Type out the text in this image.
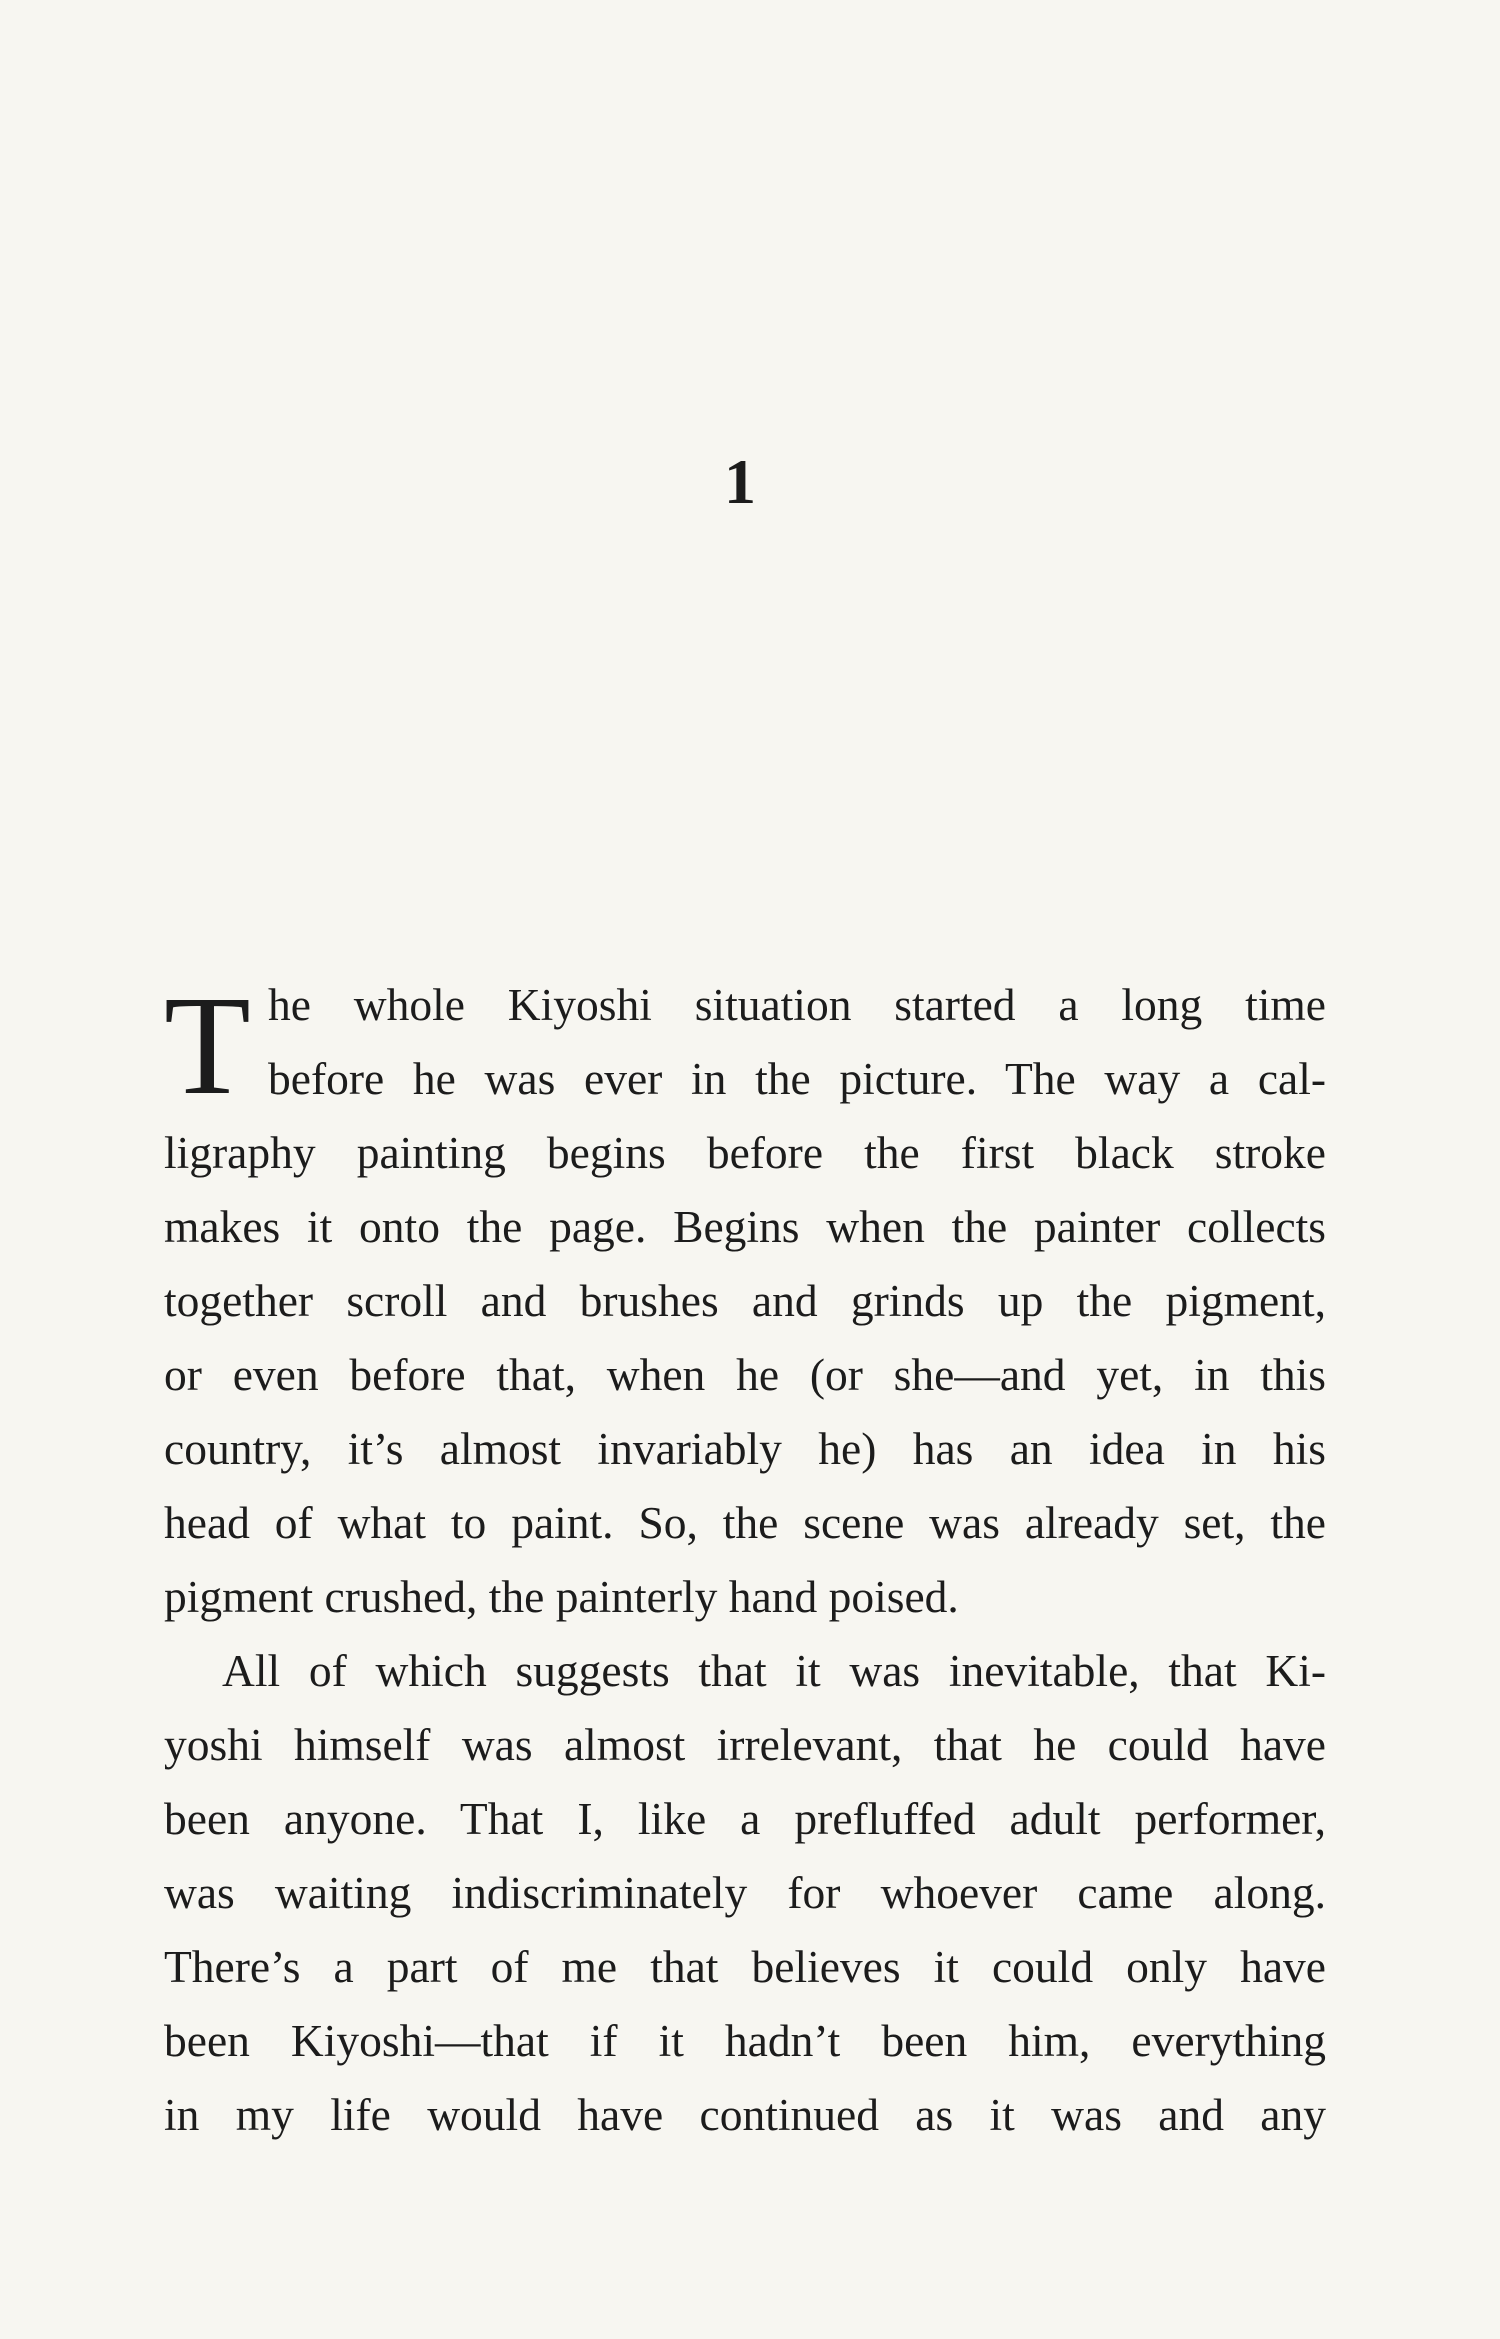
1
T he whole Kiyoshi situation started a long time
before he was ever in the picture. The way a cal-
ligraphy painting begins before the first black stroke
makes it onto the page. Begins when the painter collects
together scroll and brushes and grinds up the pigment,
or even before that, when he (or she—and yet, in this
country, it’s almost invariably he) has an idea in his
head of what to paint. So, the scene was already set, the
pigment crushed, the painterly hand poised.
All of which suggests that it was inevitable, that Ki-
yoshi himself was almost irrelevant, that he could have
been anyone. That I, like a prefluffed adult performer,
was waiting indiscriminately for whoever came along.
There’s a part of me that believes it could only have
been Kiyoshi—that if it hadn’t been him, everything
in my life would have continued as it was and any
